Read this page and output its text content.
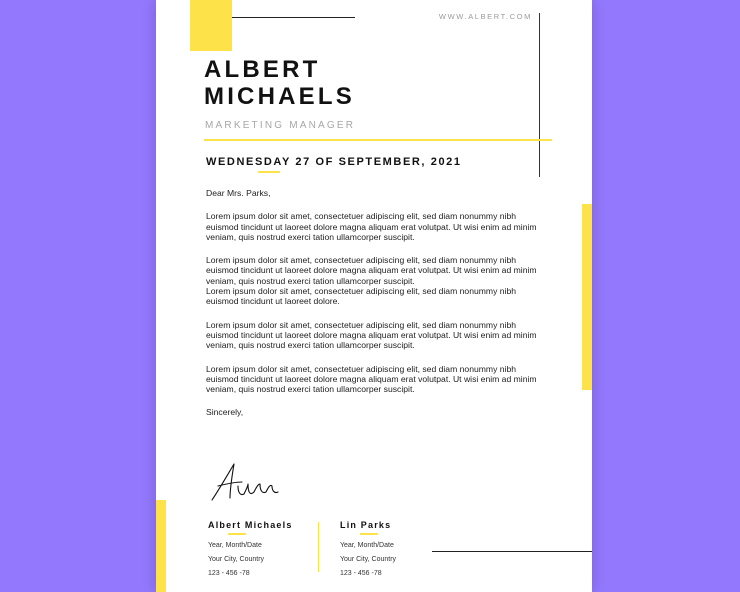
WWW.ALBERT.COM
ALBERT
MICHAELS
MARKETING MANAGER
WEDNESDAY 27 OF SEPTEMBER, 2021

Dear Mrs. Parks,

Lorem ipsum dolor sit amet, consectetuer adipiscing elit, sed diam nonummy nibh euismod tincidunt ut laoreet dolore magna aliquam erat volutpat. Ut wisi enim ad minim veniam, quis nostrud exerci tation ullamcorper suscipit.

Lorem ipsum dolor sit amet, consectetuer adipiscing elit, sed diam nonummy nibh euismod tincidunt ut laoreet dolore magna aliquam erat volutpat. Ut wisi enim ad minim veniam, quis nostrud exerci tation ullamcorper suscipit.

Lorem ipsum dolor sit amet, consectetuer adipiscing elit, sed diam nonummy nibh euismod tincidunt ut laoreet dolore.

Lorem ipsum dolor sit amet, consectetuer adipiscing elit, sed diam nonummy nibh euismod tincidunt ut laoreet dolore magna aliquam erat volutpat. Ut wisi enim ad minim veniam, quis nostrud exerci tation ullamcorper suscipit.

Lorem ipsum dolor sit amet, consectetuer adipiscing elit, sed diam nonummy nibh euismod tincidunt ut laoreet dolore magna aliquam erat volutpat. Ut wisi enim ad minim veniam, quis nostrud exerci tation ullamcorper suscipit.

Sincerely,

Albert Michaels
Year, Month/Date
Your City, Country
123 - 456 -78
Lin Parks
Year, Month/Date
Your City, Country
123 - 456 -78
